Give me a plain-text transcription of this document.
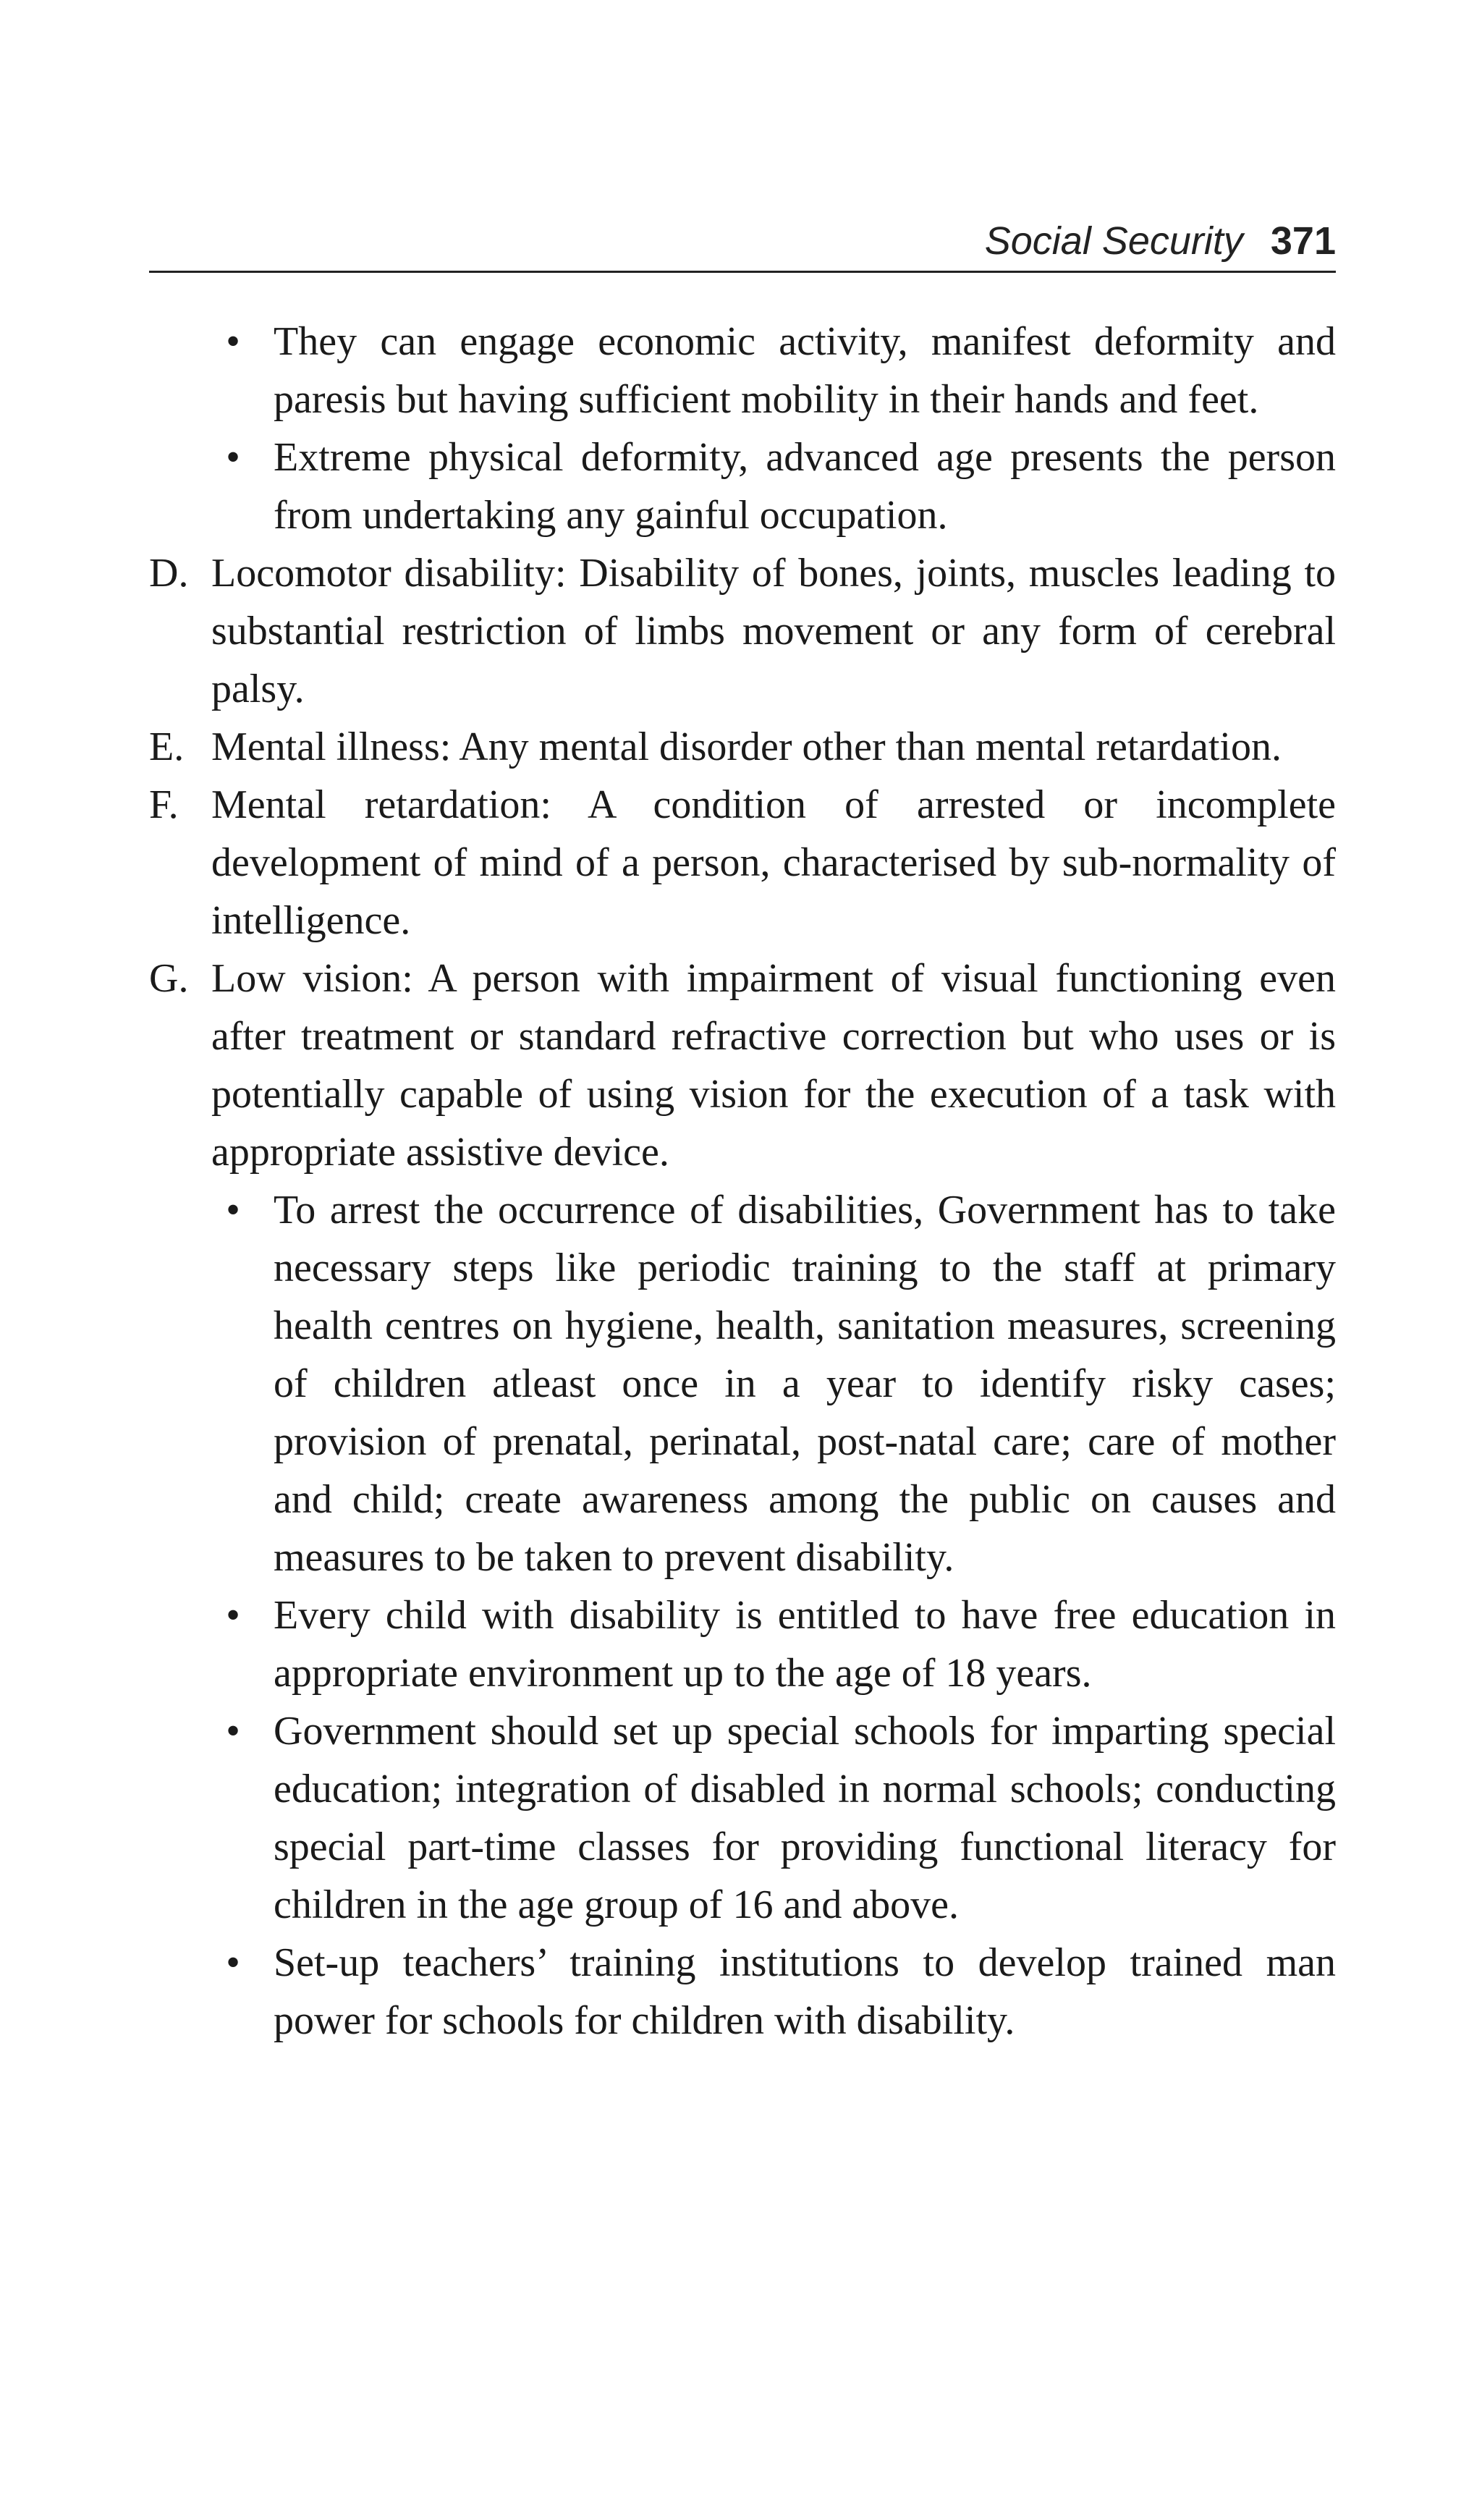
Social Security 371

• They can engage economic activity, manifest deformity and paresis but having sufficient mobility in their hands and feet.

• Extreme physical deformity, advanced age presents the person from undertaking any gainful occupation.

D. Locomotor disability: Disability of bones, joints, muscles leading to substantial restriction of limbs movement or any form of cerebral palsy.

E. Mental illness: Any mental disorder other than mental retardation.

F. Mental retardation: A condition of arrested or incomplete development of mind of a person, characterised by sub-normality of intelligence.

G. Low vision: A person with impairment of visual functioning even after treatment or standard refractive correction but who uses or is potentially capable of using vision for the execution of a task with appropriate assistive device.

• To arrest the occurrence of disabilities, Government has to take necessary steps like periodic training to the staff at primary health centres on hygiene, health, sanitation measures, screening of children atleast once in a year to identify risky cases; provision of prenatal, perinatal, post-natal care; care of mother and child; create awareness among the public on causes and measures to be taken to prevent disability.

• Every child with disability is entitled to have free education in appropriate environment up to the age of 18 years.

• Government should set up special schools for imparting special education; integration of disabled in normal schools; conducting special part-time classes for providing functional literacy for children in the age group of 16 and above.

• Set-up teachers’ training institutions to develop trained man power for schools for children with disability.
